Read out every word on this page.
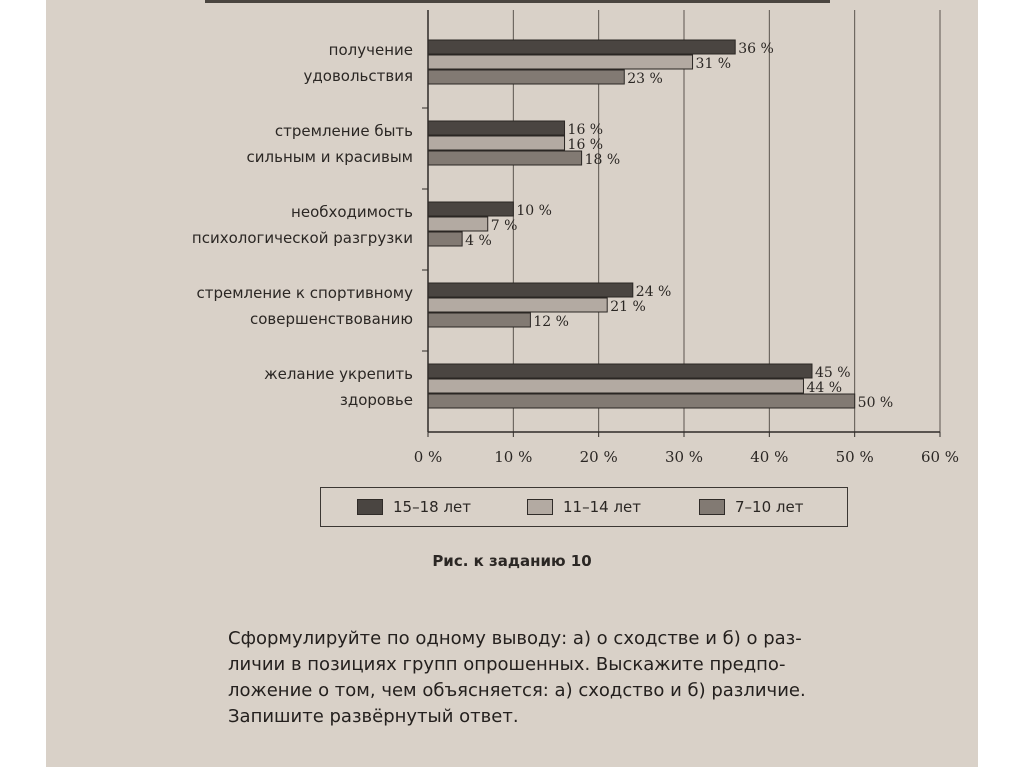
36 %
31 %
23 %
получение
удовольствия
16 %
16 %
18 %
стремление быть
сильным и красивым
10 %
7 %
4 %
необходимость
психологической разгрузки
24 %
21 %
12 %
стремление к спортивному
совершенствованию
45 %
44 %
50 %
желание укрепить
здоровье
0 %	10 %	20 %	30 %	40 %	50 %	60 %
15–18 лет	11–14 лет	7–10 лет
Рис. к заданию 10
Сформулируйте по одному выводу: а) о сходстве и б) о раз-
личии в позициях групп опрошенных. Выскажите предпо-
ложение о том, чем объясняется: а) сходство и б) различие.
Запишите развёрнутый ответ.
